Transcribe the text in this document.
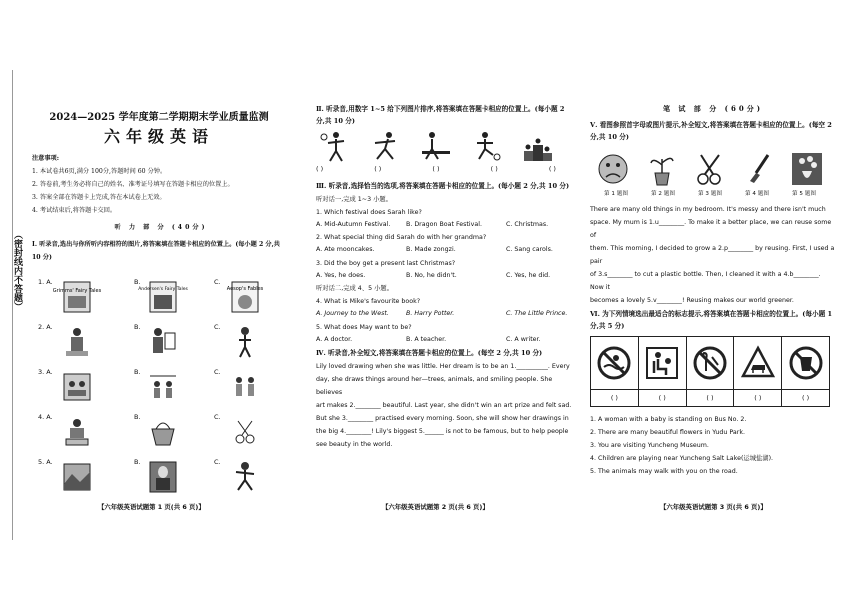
（密封线内不答题）
2024—2025 学年度第二学期期末学业质量监测
六年级英语
注意事项:
1. 本试卷共6页,满分 100分,答题时间 60 分钟。
2. 答卷前,考生务必将自己的姓名、准考证号填写在答题卡相应的位置上。
3. 答案全部在答题卡上完成,答在本试卷上无效。
4. 考试结束后,将答题卡交回。
听 力 部 分 (40分)
Ⅰ. 听录音,选出与你所听内容相符的图片,将答案填在答题卡相应的位置上。(每小题 2 分,共 10 分)
1. A.
Grimms' Fairy Tales
B.
Andersen's Fairy Tales
C.
Aesop's Fables
2. A.	B.	C.
3. A.	B.	C.
4. A.	B.	C.
5. A.	B.	C.
【六年级英语试题第 1 页(共 6 页)】
Ⅱ. 听录音,用数字 1~5 给下列图片排序,将答案填在答题卡相应的位置上。(每小题 2 分,共 10 分)
( )	( )	( )	( )	( )
Ⅲ. 听录音,选择恰当的选项,将答案填在答题卡相应的位置上。(每小题 2 分,共 10 分)
听对话一,完成 1~3 小题。
1. Which festival does Sarah like?
A. Mid-Autumn Festival.	B. Dragon Boat Festival.	C. Christmas.
2. What special thing did Sarah do with her grandma?
A. Ate mooncakes.	B. Made zongzi.	C. Sang carols.
3. Did the boy get a present last Christmas?
A. Yes, he does.	B. No, he didn't.	C. Yes, he did.
听对话二,完成 4、5 小题。
4. What is Mike's favourite book?
A. Journey to the West.	B. Harry Potter.	C. The Little Prince.
5. What does May want to be?
A. A doctor.	B. A teacher.	C. A writer.
Ⅳ. 听录音,补全短文,将答案填在答题卡相应的位置上。(每空 2 分,共 10 分)
Lily loved drawing when she was little. Her dream is to be an 1.__________. Every
day, she draws things around her—trees, animals, and smiling people. She believes
art makes 2.________ beautiful. Last year, she didn't win an art prize and felt sad.
But she 3.________ practised every morning. Soon, she will show her drawings in
the big 4.________! Lily's biggest 5.______ is not to be famous, but to help people
see beauty in the world.
【六年级英语试题第 2 页(共 6 页)】
笔 试 部 分 (60分)
Ⅴ. 看图参照首字母或图片提示,补全短文,将答案填在答题卡相应的位置上。(每空 2 分,共 10 分)
第 1 题图	第 2 题图	第 3 题图	第 4 题图	第 5 题图
There are many old things in my bedroom. It's messy and there isn't much
space. My mum is 1.u________. To make it a better place, we can reuse some of
them. This morning, I decided to grow a 2.p________ by reusing. First, I used a pair
of 3.s________ to cut a plastic bottle. Then, I cleaned it with a 4.b________. Now it
becomes a lovely 5.v________! Reusing makes our world greener.
Ⅵ. 为下列情境选出最适合的标志提示,将答案填在答题卡相应的位置上。(每小题 1 分,共 5 分)
( )	( )	( )	( )	( )
1. A woman with a baby is standing on Bus No. 2.
2. There are many beautiful flowers in Yudu Park.
3. You are visiting Yuncheng Museum.
4. Children are playing near Yuncheng Salt Lake(运城盐湖).
5. The animals may walk with you on the road.
【六年级英语试题第 3 页(共 6 页)】
